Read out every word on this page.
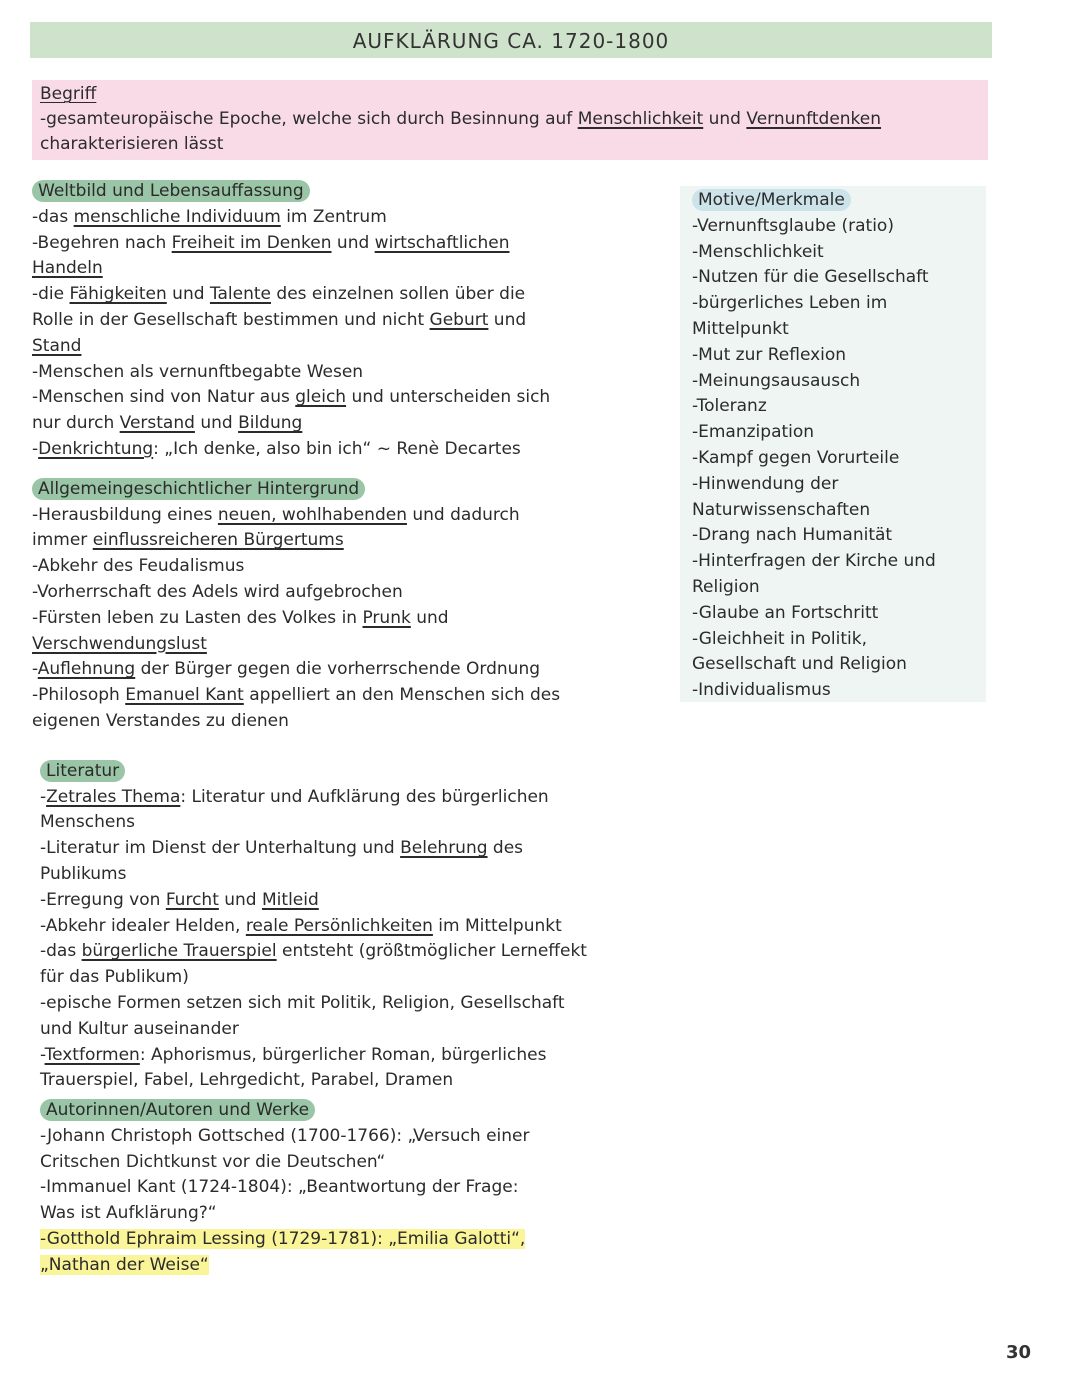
AUFKLÄRUNG CA. 1720-1800
Begriff
-gesamteuropäische Epoche, welche sich durch Besinnung auf Menschlichkeit und Vernunftdenken
charakterisieren lässt
Weltbild und Lebensauffassung
-das menschliche Individuum im Zentrum
-Begehren nach Freiheit im Denken und wirtschaftlichen
Handeln
-die Fähigkeiten und Talente des einzelnen sollen über die
Rolle in der Gesellschaft bestimmen und nicht Geburt und
Stand
-Menschen als vernunftbegabte Wesen
-Menschen sind von Natur aus gleich und unterscheiden sich
nur durch Verstand und Bildung
-Denkrichtung: „Ich denke, also bin ich“ ~ Renè Decartes
Allgemeingeschichtlicher Hintergrund
-Herausbildung eines neuen, wohlhabenden und dadurch
immer einflussreicheren Bürgertums
-Abkehr des Feudalismus
-Vorherrschaft des Adels wird aufgebrochen
-Fürsten leben zu Lasten des Volkes in Prunk und
Verschwendungslust
-Auflehnung der Bürger gegen die vorherrschende Ordnung
-Philosoph Emanuel Kant appelliert an den Menschen sich des
eigenen Verstandes zu dienen
Literatur
-Zetrales Thema: Literatur und Aufklärung des bürgerlichen
Menschens
-Literatur im Dienst der Unterhaltung und Belehrung des
Publikums
-Erregung von Furcht und Mitleid
-Abkehr idealer Helden, reale Persönlichkeiten im Mittelpunkt
-das bürgerliche Trauerspiel entsteht (größtmöglicher Lerneffekt
für das Publikum)
-epische Formen setzen sich mit Politik, Religion, Gesellschaft
und Kultur auseinander
-Textformen: Aphorismus, bürgerlicher Roman, bürgerliches
Trauerspiel, Fabel, Lehrgedicht, Parabel, Dramen
Autorinnen/Autoren und Werke
-Johann Christoph Gottsched (1700-1766): „Versuch einer
Critschen Dichtkunst vor die Deutschen“
-Immanuel Kant (1724-1804): „Beantwortung der Frage:
Was ist Aufklärung?“
-Gotthold Ephraim Lessing (1729-1781): „Emilia Galotti“,
„Nathan der Weise“
Motive/Merkmale
-Vernunftsglaube (ratio)
-Menschlichkeit
-Nutzen für die Gesellschaft
-bürgerliches Leben im
Mittelpunkt
-Mut zur Reflexion
-Meinungsausausch
-Toleranz
-Emanzipation
-Kampf gegen Vorurteile
-Hinwendung der
Naturwissenschaften
-Drang nach Humanität
-Hinterfragen der Kirche und
Religion
-Glaube an Fortschritt
-Gleichheit in Politik,
Gesellschaft und Religion
-Individualismus
30
